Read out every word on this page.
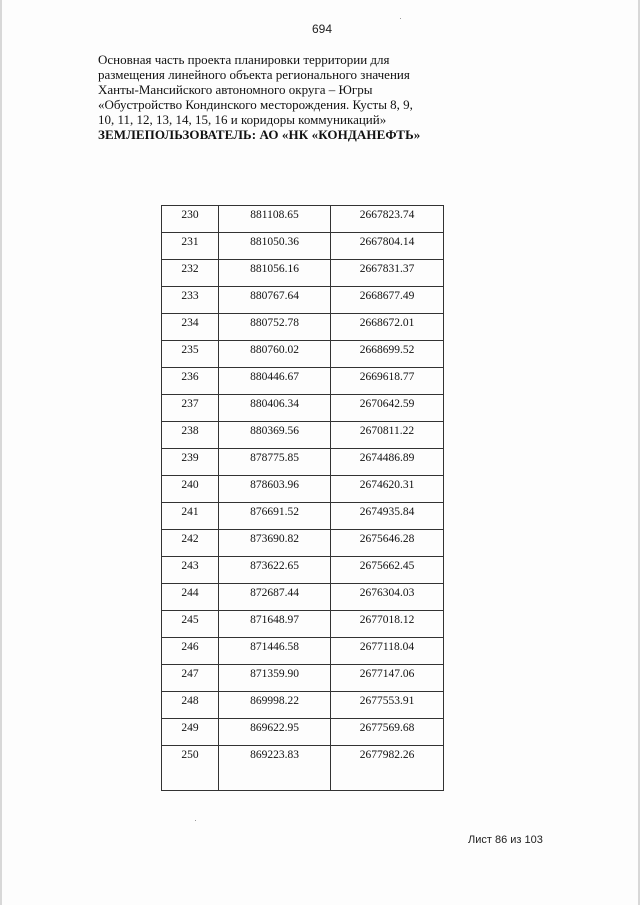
694
Основная часть проекта планировки территории для
размещения линейного объекта регионального значения
Ханты-Мансийского автономного округа – Югры
«Обустройство Кондинского месторождения. Кусты 8, 9,
10, 11, 12, 13, 14, 15, 16 и коридоры коммуникаций»
ЗЕМЛЕПОЛЬЗОВАТЕЛЬ: АО «НК «КОНДАНЕФТЬ»
230	881108.65	2667823.74

231	881050.36	2667804.14

232	881056.16	2667831.37

233	880767.64	2668677.49

234	880752.78	2668672.01

235	880760.02	2668699.52

236	880446.67	2669618.77

237	880406.34	2670642.59

238	880369.56	2670811.22

239	878775.85	2674486.89

240	878603.96	2674620.31

241	876691.52	2674935.84

242	873690.82	2675646.28

243	873622.65	2675662.45

244	872687.44	2676304.03

245	871648.97	2677018.12

246	871446.58	2677118.04

247	871359.90	2677147.06

248	869998.22	2677553.91

249	869622.95	2677569.68

250	869223.83	2677982.26
Лист 86 из 103
